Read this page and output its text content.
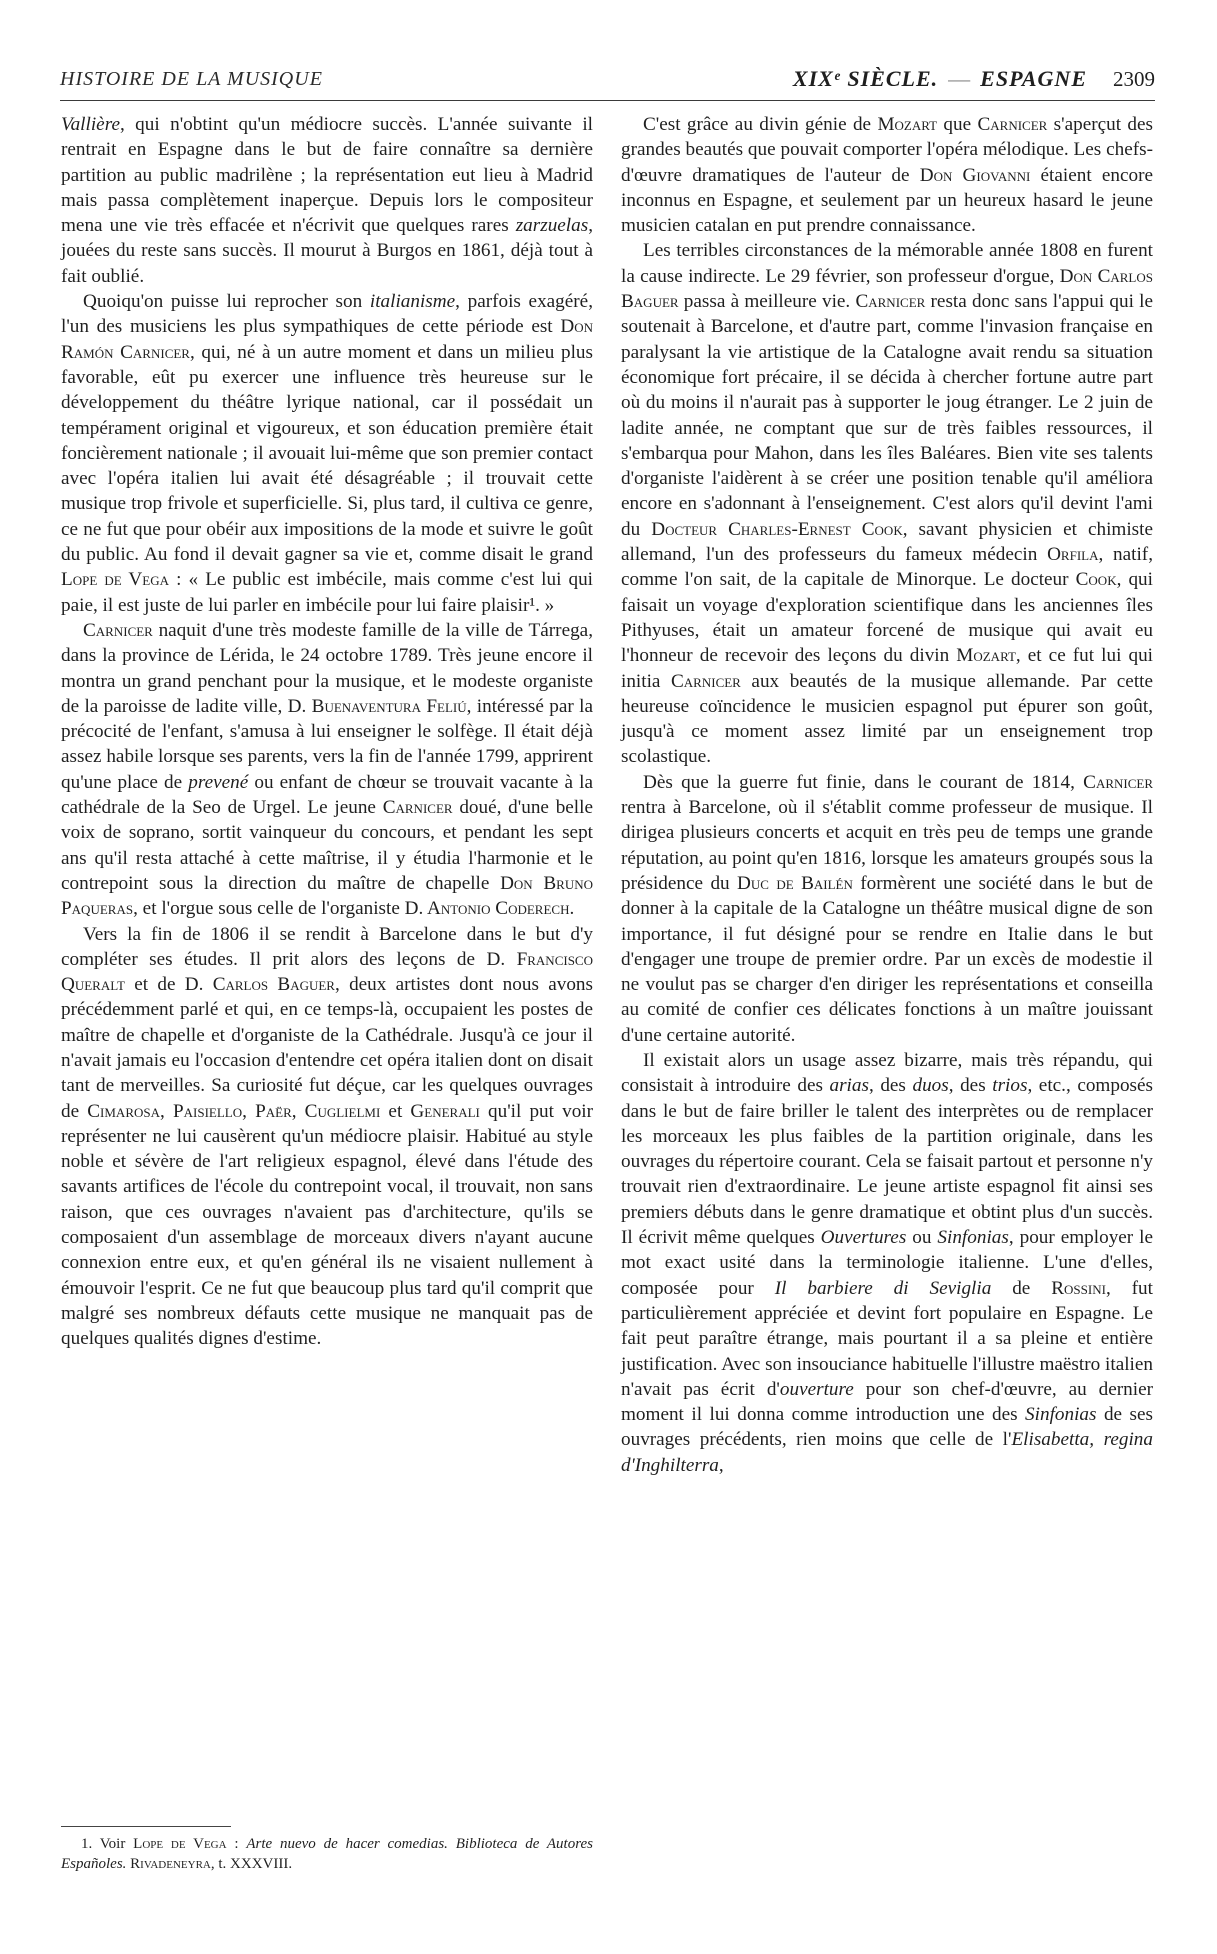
HISTOIRE DE LA MUSIQUE	XIXᵉ SIÈCLE. — ESPAGNE 2309

Vallière, qui n'obtint qu'un médiocre succès. L'année suivante il rentrait en Espagne dans le but de faire connaître sa dernière partition au public madrilène ; la représentation eut lieu à Madrid mais passa complètement inaperçue. Depuis lors le compositeur mena une vie très effacée et n'écrivit que quelques rares zarzuelas, jouées du reste sans succès. Il mourut à Burgos en 1861, déjà tout à fait oublié.

Quoiqu'on puisse lui reprocher son italianisme, parfois exagéré, l'un des musiciens les plus sympathiques de cette période est Don Ramón Carnicer, qui, né à un autre moment et dans un milieu plus favorable, eût pu exercer une influence très heureuse sur le développement du théâtre lyrique national, car il possédait un tempérament original et vigoureux, et son éducation première était foncièrement nationale ; il avouait lui-même que son premier contact avec l'opéra italien lui avait été désagréable ; il trouvait cette musique trop frivole et superficielle. Si, plus tard, il cultiva ce genre, ce ne fut que pour obéir aux impositions de la mode et suivre le goût du public. Au fond il devait gagner sa vie et, comme disait le grand Lope de Vega : « Le public est imbécile, mais comme c'est lui qui paie, il est juste de lui parler en imbécile pour lui faire plaisir¹. »

Carnicer naquit d'une très modeste famille de la ville de Tárrega, dans la province de Lérida, le 24 octobre 1789. Très jeune encore il montra un grand penchant pour la musique, et le modeste organiste de la paroisse de ladite ville, D. Buenaventura Feliú, intéressé par la précocité de l'enfant, s'amusa à lui enseigner le solfège. Il était déjà assez habile lorsque ses parents, vers la fin de l'année 1799, apprirent qu'une place de prevené ou enfant de chœur se trouvait vacante à la cathédrale de la Seo de Urgel. Le jeune Carnicer doué, d'une belle voix de soprano, sortit vainqueur du concours, et pendant les sept ans qu'il resta attaché à cette maîtrise, il y étudia l'harmonie et le contrepoint sous la direction du maître de chapelle Don Bruno Paqueras, et l'orgue sous celle de l'organiste D. Antonio Coderech.

Vers la fin de 1806 il se rendit à Barcelone dans le but d'y compléter ses études. Il prit alors des leçons de D. Francisco Queralt et de D. Carlos Baguer, deux artistes dont nous avons précédemment parlé et qui, en ce temps-là, occupaient les postes de maître de chapelle et d'organiste de la Cathédrale. Jusqu'à ce jour il n'avait jamais eu l'occasion d'entendre cet opéra italien dont on disait tant de merveilles. Sa curiosité fut déçue, car les quelques ouvrages de Cimarosa, Paisiello, Paër, Cuglielmi et Generali qu'il put voir représenter ne lui causèrent qu'un médiocre plaisir. Habitué au style noble et sévère de l'art religieux espagnol, élevé dans l'étude des savants artifices de l'école du contrepoint vocal, il trouvait, non sans raison, que ces ouvrages n'avaient pas d'architecture, qu'ils se composaient d'un assemblage de morceaux divers n'ayant aucune connexion entre eux, et qu'en général ils ne visaient nullement à émouvoir l'esprit. Ce ne fut que beaucoup plus tard qu'il comprit que malgré ses nombreux défauts cette musique ne manquait pas de quelques qualités dignes d'estime.

1. Voir Lope de Vega : Arte nuevo de hacer comedias. Biblioteca de Autores Españoles. Rivadeneyra, t. XXXVIII.

C'est grâce au divin génie de Mozart que Carnicer s'aperçut des grandes beautés que pouvait comporter l'opéra mélodique. Les chefs-d'œuvre dramatiques de l'auteur de Don Giovanni étaient encore inconnus en Espagne, et seulement par un heureux hasard le jeune musicien catalan en put prendre connaissance.

Les terribles circonstances de la mémorable année 1808 en furent la cause indirecte. Le 29 février, son professeur d'orgue, Don Carlos Baguer passa à meilleure vie. Carnicer resta donc sans l'appui qui le soutenait à Barcelone, et d'autre part, comme l'invasion française en paralysant la vie artistique de la Catalogne avait rendu sa situation économique fort précaire, il se décida à chercher fortune autre part où du moins il n'aurait pas à supporter le joug étranger. Le 2 juin de ladite année, ne comptant que sur de très faibles ressources, il s'embarqua pour Mahon, dans les îles Baléares. Bien vite ses talents d'organiste l'aidèrent à se créer une position tenable qu'il améliora encore en s'adonnant à l'enseignement. C'est alors qu'il devint l'ami du Docteur Charles-Ernest Cook, savant physicien et chimiste allemand, l'un des professeurs du fameux médecin Orfila, natif, comme l'on sait, de la capitale de Minorque. Le docteur Cook, qui faisait un voyage d'exploration scientifique dans les anciennes îles Pithyuses, était un amateur forcené de musique qui avait eu l'honneur de recevoir des leçons du divin Mozart, et ce fut lui qui initia Carnicer aux beautés de la musique allemande. Par cette heureuse coïncidence le musicien espagnol put épurer son goût, jusqu'à ce moment assez limité par un enseignement trop scolastique.

Dès que la guerre fut finie, dans le courant de 1814, Carnicer rentra à Barcelone, où il s'établit comme professeur de musique. Il dirigea plusieurs concerts et acquit en très peu de temps une grande réputation, au point qu'en 1816, lorsque les amateurs groupés sous la présidence du Duc de Bailén formèrent une société dans le but de donner à la capitale de la Catalogne un théâtre musical digne de son importance, il fut désigné pour se rendre en Italie dans le but d'engager une troupe de premier ordre. Par un excès de modestie il ne voulut pas se charger d'en diriger les représentations et conseilla au comité de confier ces délicates fonctions à un maître jouissant d'une certaine autorité.

Il existait alors un usage assez bizarre, mais très répandu, qui consistait à introduire des arias, des duos, des trios, etc., composés dans le but de faire briller le talent des interprètes ou de remplacer les morceaux les plus faibles de la partition originale, dans les ouvrages du répertoire courant. Cela se faisait partout et personne n'y trouvait rien d'extraordinaire. Le jeune artiste espagnol fit ainsi ses premiers débuts dans le genre dramatique et obtint plus d'un succès. Il écrivit même quelques Ouvertures ou Sinfonias, pour employer le mot exact usité dans la terminologie italienne. L'une d'elles, composée pour Il barbiere di Seviglia de Rossini, fut particulièrement appréciée et devint fort populaire en Espagne. Le fait peut paraître étrange, mais pourtant il a sa pleine et entière justification. Avec son insouciance habituelle l'illustre maëstro italien n'avait pas écrit d'ouverture pour son chef-d'œuvre, au dernier moment il lui donna comme introduction une des Sinfonias de ses ouvrages précédents, rien moins que celle de l'Elisabetta, regina d'Inghilterra,
